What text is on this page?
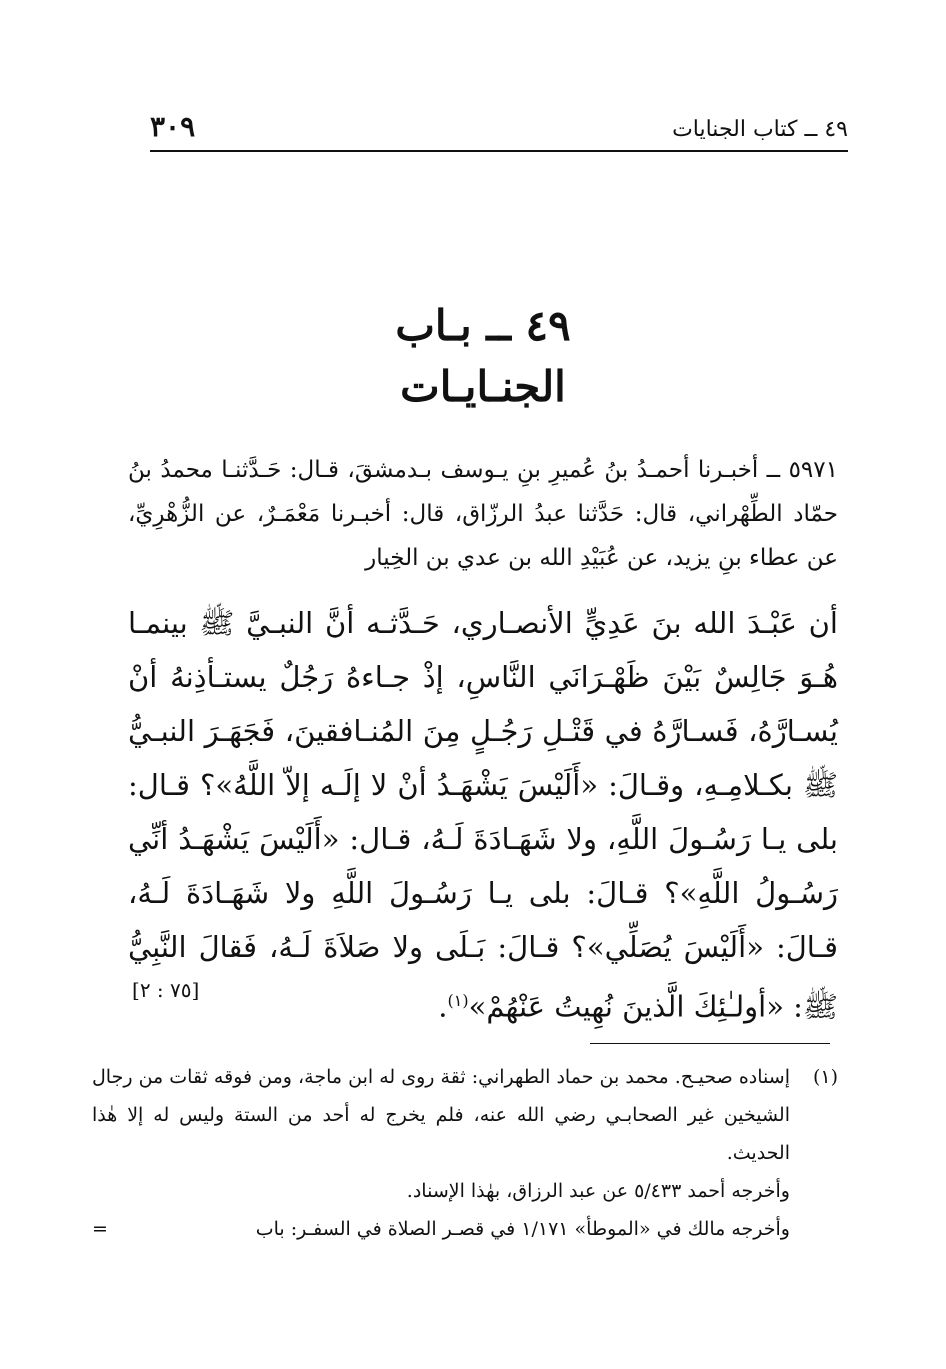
٤٩ ــ كتاب الجنايات
٣٠٩
٤٩ ــ بـاب
الجنـايـات
٥٩٧١ ــ أخبـرنا أحمـدُ بنُ عُميرِ بنِ يـوسف بـدمشقَ، قـال: حَـدَّثنـا محمدُ بنُ حمّاد الطِّهْراني، قال: حَدَّثنا عبدُ الرزّاق، قال: أخبـرنا مَعْمَـرٌ، عن الزُّهْرِيِّ، عن عطاء بنِ يزيد، عن عُبَيْدِ الله بن عدي بن الخِيار
أن عَبْـدَ الله بنَ عَدِيٍّ الأنصـاري، حَـدَّثـه أنَّ النبـيَّ ﷺ بينمـا هُـوَ جَالِسٌ بَيْنَ ظَهْـرَانَي النَّاسِ، إذْ جـاءهُ رَجُلٌ يستـأذِنهُ أنْ يُسـارَّهُ، فَسـارَّهُ في قَتْـلِ رَجُـلٍ مِنَ المُنـافقينَ، فَجَهَـرَ النبـيُّ ﷺ بكـلامِـهِ، وقـالَ: «أَلَيْسَ يَشْهَـدُ أنْ لا إلَـه إلاّ اللَّهُ»؟ قـال: بلى يـا رَسُـولَ اللَّهِ، ولا شَهَـادَةَ لَـهُ، قـال: «أَلَيْسَ يَشْهَـدُ أنِّي رَسُـولُ اللَّهِ»؟ قـالَ: بلى يـا رَسُـولَ اللَّهِ ولا شَهَـادَةَ لَـهُ، قـالَ: «أَلَيْسَ يُصَلِّي»؟ قـالَ: بَـلَى ولا صَلاَةَ لَـهُ، فَقالَ النَّبِيُّ ﷺ: «أولـٰئِكَ الَّذينَ نُهِيتُ عَنْهُمْ»$^{(١)}$.
[٧٥ : ٢]
(١)
إسناده صحيـح. محمد بن حماد الطهراني: ثقة روى له ابن ماجة، ومن فوقه ثقات من رجال الشيخين غير الصحابـي رضي الله عنه، فلم يخرج له أحد من الستة وليس له إلا هٰذا الحديث.
وأخرجه أحمد ٥/٤٣٣ عن عبد الرزاق، بهٰذا الإسناد.
وأخرجه مالك في «الموطأ» ١/١٧١ في قصـر الصلاة في السفـر: باب
=
